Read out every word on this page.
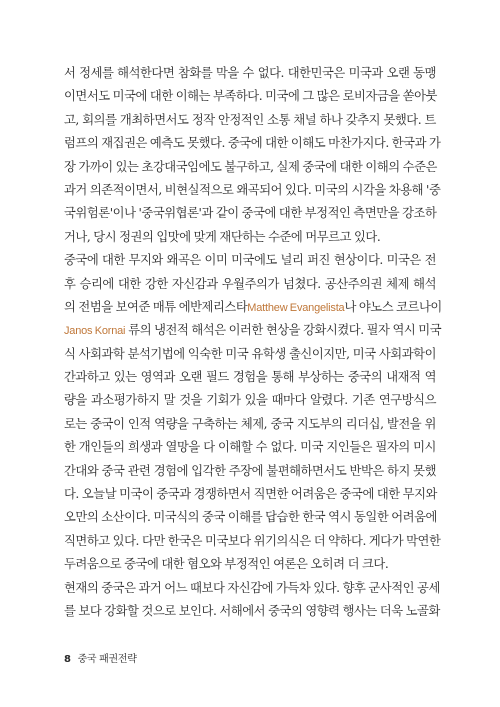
서 정세를 해석한다면 참화를 막을 수 없다. 대한민국은 미국과 오랜 동맹
이면서도 미국에 대한 이해는 부족하다. 미국에 그 많은 로비자금을 쏟아붓
고, 회의를 개최하면서도 정작 안정적인 소통 채널 하나 갖추지 못했다. 트
럼프의 재집권은 예측도 못했다. 중국에 대한 이해도 마찬가지다. 한국과 가
장 가까이 있는 초강대국임에도 불구하고, 실제 중국에 대한 이해의 수준은
과거 의존적이면서, 비현실적으로 왜곡되어 있다. 미국의 시각을 차용해 '중
국위험론'이나 '중국위협론'과 같이 중국에 대한 부정적인 측면만을 강조하
거나, 당시 정권의 입맛에 맞게 재단하는 수준에 머무르고 있다.
중국에 대한 무지와 왜곡은 이미 미국에도 널리 퍼진 현상이다. 미국은 전
후 승리에 대한 강한 자신감과 우월주의가 넘쳤다. 공산주의권 체제 해석
의 전범을 보여준 매튜 에반제리스타Matthew Evangelista나 야노스 코르나이
Janos Kornai 류의 냉전적 해석은 이러한 현상을 강화시켰다. 필자 역시 미국
식 사회과학 분석기법에 익숙한 미국 유학생 출신이지만, 미국 사회과학이
간과하고 있는 영역과 오랜 필드 경험을 통해 부상하는 중국의 내재적 역
량을 과소평가하지 말 것을 기회가 있을 때마다 알렸다. 기존 연구방식으
로는 중국이 인적 역량을 구축하는 체제, 중국 지도부의 리더십, 발전을 위
한 개인들의 희생과 열망을 다 이해할 수 없다. 미국 지인들은 필자의 미시
간대와 중국 관련 경험에 입각한 주장에 불편해하면서도 반박은 하지 못했
다. 오늘날 미국이 중국과 경쟁하면서 직면한 어려움은 중국에 대한 무지와
오만의 소산이다. 미국식의 중국 이해를 답습한 한국 역시 동일한 어려움에
직면하고 있다. 다만 한국은 미국보다 위기의식은 더 약하다. 게다가 막연한
두려움으로 중국에 대한 혐오와 부정적인 여론은 오히려 더 크다.
현재의 중국은 과거 어느 때보다 자신감에 가득차 있다. 향후 군사적인 공세
를 보다 강화할 것으로 보인다. 서해에서 중국의 영향력 행사는 더욱 노골화
8 중국 패권전략
